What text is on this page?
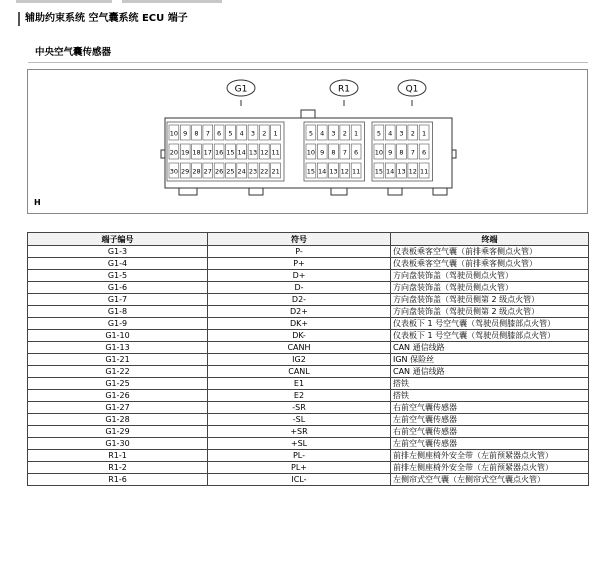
辅助约束系统 空气囊系统 ECU 端子
中央空气囊传感器
G1
10 9 8 7 6 5 4 3 2 1
20 19 18 17 16 15 14 13 12 11
30 29 28 27 26 25 24 23 22 21
R1
5 4 3 2 1
10 9 8 7 6
15 14 13 12 11
Q1
5 4 3 2 1
10 9 8 7 6
15 14 13 12 11
H
端子编号	符号	终端
G1-3	P-	仪表板乘客空气囊（前排乘客侧点火管）
G1-4	P+	仪表板乘客空气囊（前排乘客侧点火管）
G1-5	D+	方向盘装饰盖（驾驶员侧点火管）
G1-6	D-	方向盘装饰盖（驾驶员侧点火管）
G1-7	D2-	方向盘装饰盖（驾驶员侧第 2 级点火管）
G1-8	D2+	方向盘装饰盖（驾驶员侧第 2 级点火管）
G1-9	DK+	仪表板下 1 号空气囊（驾驶员侧膝部点火管）
G1-10	DK-	仪表板下 1 号空气囊（驾驶员侧膝部点火管）
G1-13	CANH	CAN 通信线路
G1-21	IG2	IGN 保险丝
G1-22	CANL	CAN 通信线路
G1-25	E1	搭铁
G1-26	E2	搭铁
G1-27	-SR	右前空气囊传感器
G1-28	-SL	左前空气囊传感器
G1-29	+SR	右前空气囊传感器
G1-30	+SL	左前空气囊传感器
R1-1	PL-	前排左侧座椅外安全带（左前预紧器点火管）
R1-2	PL+	前排左侧座椅外安全带（左前预紧器点火管）
R1-6	ICL-	左侧帘式空气囊（左侧帘式空气囊点火管）
